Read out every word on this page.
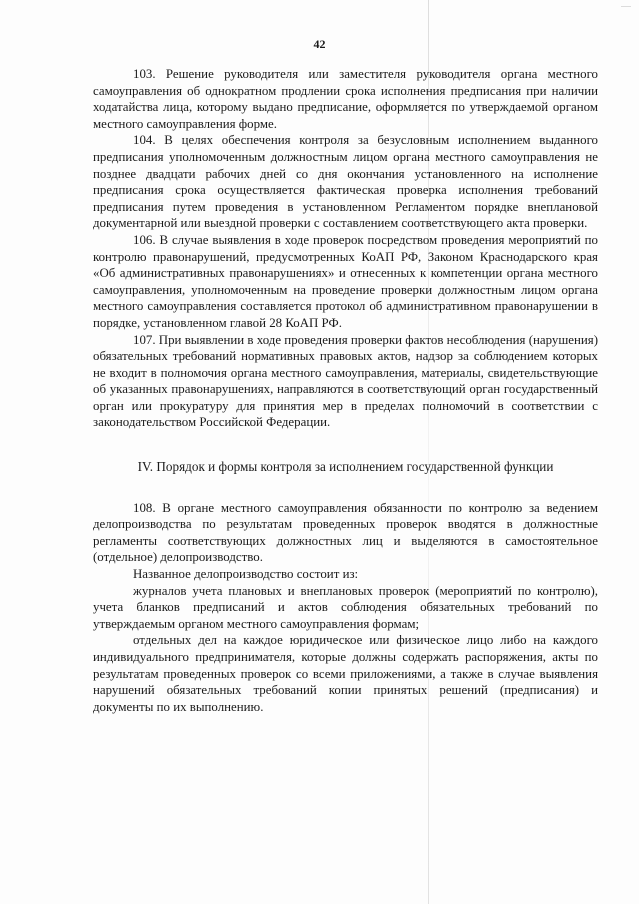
42

103. Решение руководителя или заместителя руководителя органа местного самоуправления об однократном продлении срока исполнения предписания при наличии ходатайства лица, которому выдано предписание, оформляется по утверждаемой органом местного самоуправления форме.

104. В целях обеспечения контроля за безусловным исполнением выданного предписания уполномоченным должностным лицом органа местного самоуправления не позднее двадцати рабочих дней со дня окончания установленного на исполнение предписания срока осуществляется фактическая проверка исполнения требований предписания путем проведения в установленном Регламентом порядке внеплановой документарной или выездной проверки с составлением соответствующего акта проверки.

106. В случае выявления в ходе проверок посредством проведения мероприятий по контролю правонарушений, предусмотренных КоАП РФ, Законом Краснодарского края «Об административных правонарушениях» и отнесенных к компетенции органа местного самоуправления, уполномоченным на проведение проверки должностным лицом органа местного самоуправления составляется протокол об административном правонарушении в порядке, установленном главой 28 КоАП РФ.

107. При выявлении в ходе проведения проверки фактов несоблюдения (нарушения) обязательных требований нормативных правовых актов, надзор за соблюдением которых не входит в полномочия органа местного самоуправления, материалы, свидетельствующие об указанных правонарушениях, направляются в соответствующий орган государственный орган или прокуратуру для принятия мер в пределах полномочий в соответствии с законодательством Российской Федерации.

IV. Порядок и формы контроля за исполнением государственной функции

108. В органе местного самоуправления обязанности по контролю за ведением делопроизводства по результатам проведенных проверок вводятся в должностные регламенты соответствующих должностных лиц и выделяются в самостоятельное (отдельное) делопроизводство.

Названное делопроизводство состоит из:

журналов учета плановых и внеплановых проверок (мероприятий по контролю), учета бланков предписаний и актов соблюдения обязательных требований по утверждаемым органом местного самоуправления формам;

отдельных дел на каждое юридическое или физическое лицо либо на каждого индивидуального предпринимателя, которые должны содержать распоряжения, акты по результатам проведенных проверок со всеми приложениями, а также в случае выявления нарушений обязательных требований копии принятых решений (предписания) и документы по их выполнению.
